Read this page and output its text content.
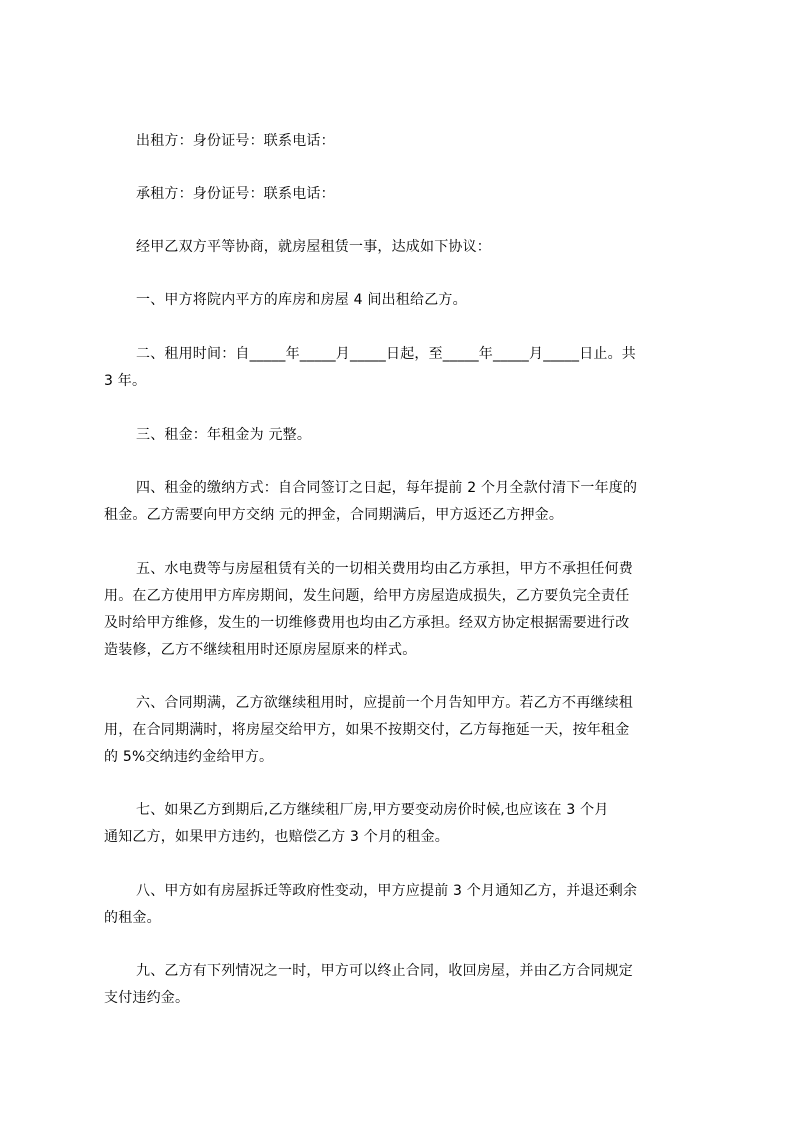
出租方：身份证号：联系电话：
承租方：身份证号：联系电话：
经甲乙双方平等协商，就房屋租赁一事，达成如下协议：
一、甲方将院内平方的库房和房屋 4 间出租给乙方。
二、租用时间：自_____年_____月_____日起，至_____年_____月_____日止。共
3 年。
三、租金：年租金为 元整。
四、租金的缴纳方式：自合同签订之日起，每年提前 2 个月全款付清下一年度的
租金。乙方需要向甲方交纳 元的押金，合同期满后，甲方返还乙方押金。
五、水电费等与房屋租赁有关的一切相关费用均由乙方承担，甲方不承担任何费
用。在乙方使用甲方库房期间，发生问题，给甲方房屋造成损失，乙方要负完全责任
及时给甲方维修，发生的一切维修费用也均由乙方承担。经双方协定根据需要进行改
造装修，乙方不继续租用时还原房屋原来的样式。
六、合同期满，乙方欲继续租用时，应提前一个月告知甲方。若乙方不再继续租
用，在合同期满时，将房屋交给甲方，如果不按期交付，乙方每拖延一天，按年租金
的 5%交纳违约金给甲方。
七、如果乙方到期后,乙方继续租厂房,甲方要变动房价时候,也应该在 3 个月
通知乙方，如果甲方违约，也赔偿乙方 3 个月的租金。
八、甲方如有房屋拆迁等政府性变动，甲方应提前 3 个月通知乙方，并退还剩余
的租金。
九、乙方有下列情况之一时，甲方可以终止合同，收回房屋，并由乙方合同规定
支付违约金。
